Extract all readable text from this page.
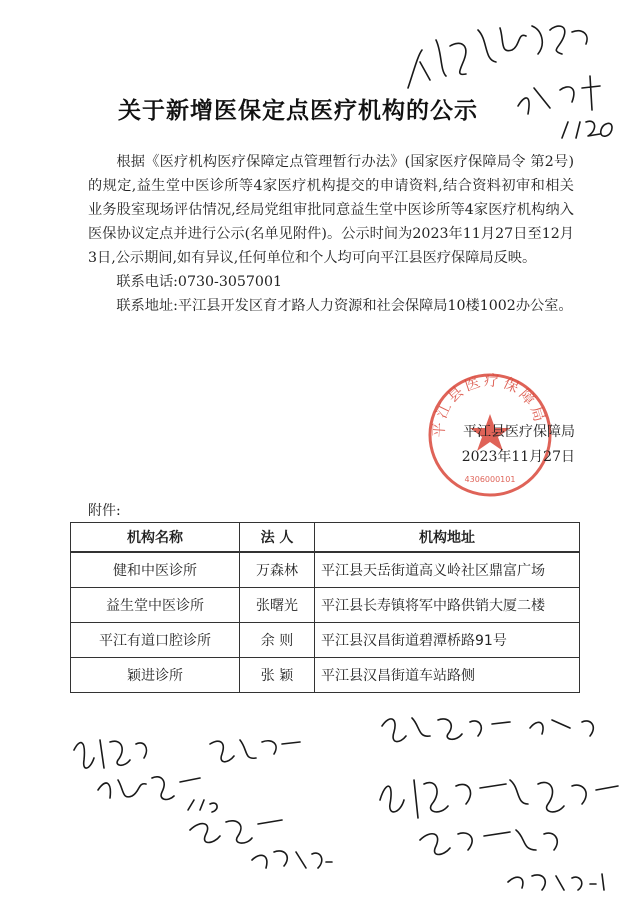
关于新增医保定点医疗机构的公示

根据《医疗机构医疗保障定点管理暂行办法》(国家医疗保障局令 第2号)的规定,益生堂中医诊所等4家医疗机构提交的申请资料,结合资料初审和相关业务股室现场评估情况,经局党组审批同意益生堂中医诊所等4家医疗机构纳入医保协议定点并进行公示(名单见附件)。公示时间为2023年11月27日至12月3日,公示期间,如有异议,任何单位和个人均可向平江县医疗保障局反映。

联系电话:0730-3057001

联系地址:平江县开发区育才路人力资源和社会保障局10楼1002办公室。

平江县医疗保障局
4306000101
平江县医疗保障局
2023年11月27日
附件:
机构名称	法 人	机构地址
健和中医诊所	万森林	平江县天岳街道高义岭社区鼎富广场
益生堂中医诊所	张曙光	平江县长寿镇将军中路供销大厦二楼
平江有道口腔诊所	余 则	平江县汉昌街道碧潭桥路91号
颖进诊所	张 颖	平江县汉昌街道车站路侧
